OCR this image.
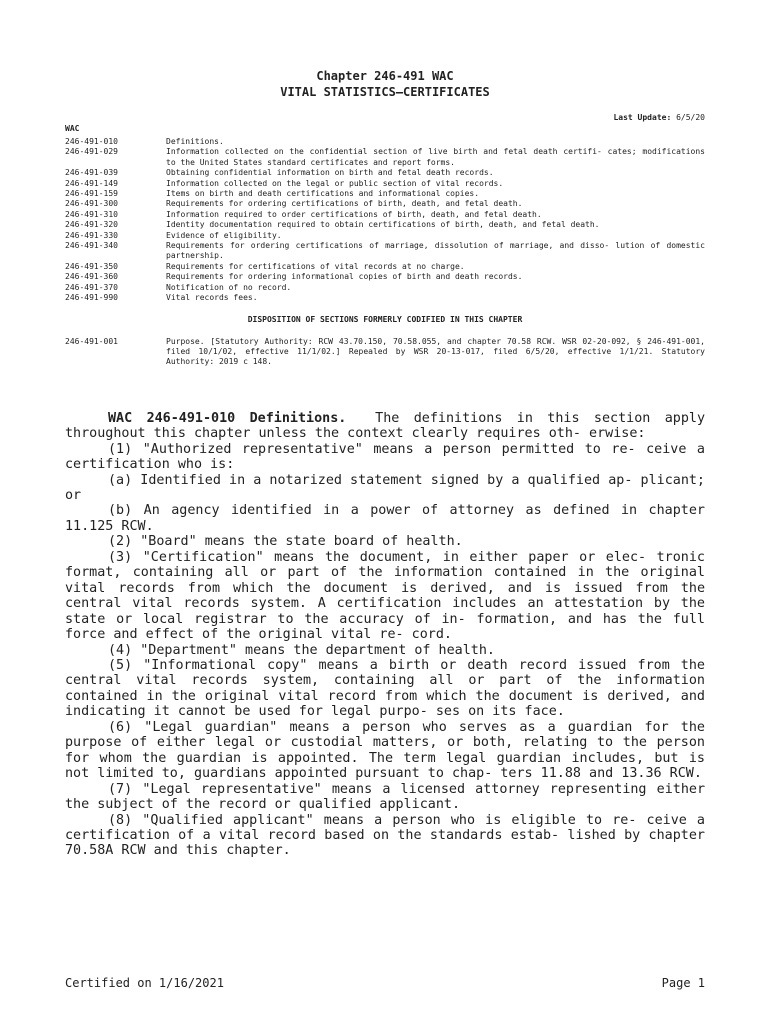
Chapter 246-491 WAC
VITAL STATISTICS—CERTIFICATES
Last Update: 6/5/20
WAC
246-491-010	Definitions.
246-491-029	Information collected on the confidential section of live birth and fetal death certifi- cates; modifications to the United States standard certificates and report forms.
246-491-039	Obtaining confidential information on birth and fetal death records.
246-491-149	Information collected on the legal or public section of vital records.
246-491-159	Items on birth and death certifications and informational copies.
246-491-300	Requirements for ordering certifications of birth, death, and fetal death.
246-491-310	Information required to order certifications of birth, death, and fetal death.
246-491-320	Identity documentation required to obtain certifications of birth, death, and fetal death.
246-491-330	Evidence of eligibility.
246-491-340	Requirements for ordering certifications of marriage, dissolution of marriage, and disso- lution of domestic partnership.
246-491-350	Requirements for certifications of vital records at no charge.
246-491-360	Requirements for ordering informational copies of birth and death records.
246-491-370	Notification of no record.
246-491-990	Vital records fees.
DISPOSITION OF SECTIONS FORMERLY CODIFIED IN THIS CHAPTER
246-491-001	Purpose. [Statutory Authority: RCW 43.70.150, 70.58.055, and chapter 70.58 RCW. WSR 02-20-092, § 246-491-001, filed 10/1/02, effective 11/1/02.] Repealed by WSR 20-13-017, filed 6/5/20, effective 1/1/21. Statutory Authority: 2019 c 148.

WAC 246-491-010 Definitions. The definitions in this section apply throughout this chapter unless the context clearly requires oth- erwise:

(1) "Authorized representative" means a person permitted to re- ceive a certification who is:

(a) Identified in a notarized statement signed by a qualified ap- plicant; or

(b) An agency identified in a power of attorney as defined in chapter 11.125 RCW.

(2) "Board" means the state board of health.

(3) "Certification" means the document, in either paper or elec- tronic format, containing all or part of the information contained in the original vital records from which the document is derived, and is issued from the central vital records system. A certification includes an attestation by the state or local registrar to the accuracy of in- formation, and has the full force and effect of the original vital re- cord.

(4) "Department" means the department of health.

(5) "Informational copy" means a birth or death record issued from the central vital records system, containing all or part of the information contained in the original vital record from which the document is derived, and indicating it cannot be used for legal purpo- ses on its face.

(6) "Legal guardian" means a person who serves as a guardian for the purpose of either legal or custodial matters, or both, relating to the person for whom the guardian is appointed. The term legal guardian includes, but is not limited to, guardians appointed pursuant to chap- ters 11.88 and 13.36 RCW.

(7) "Legal representative" means a licensed attorney representing either the subject of the record or qualified applicant.

(8) "Qualified applicant" means a person who is eligible to re- ceive a certification of a vital record based on the standards estab- lished by chapter 70.58A RCW and this chapter.

Certified on 1/16/2021	Page 1
